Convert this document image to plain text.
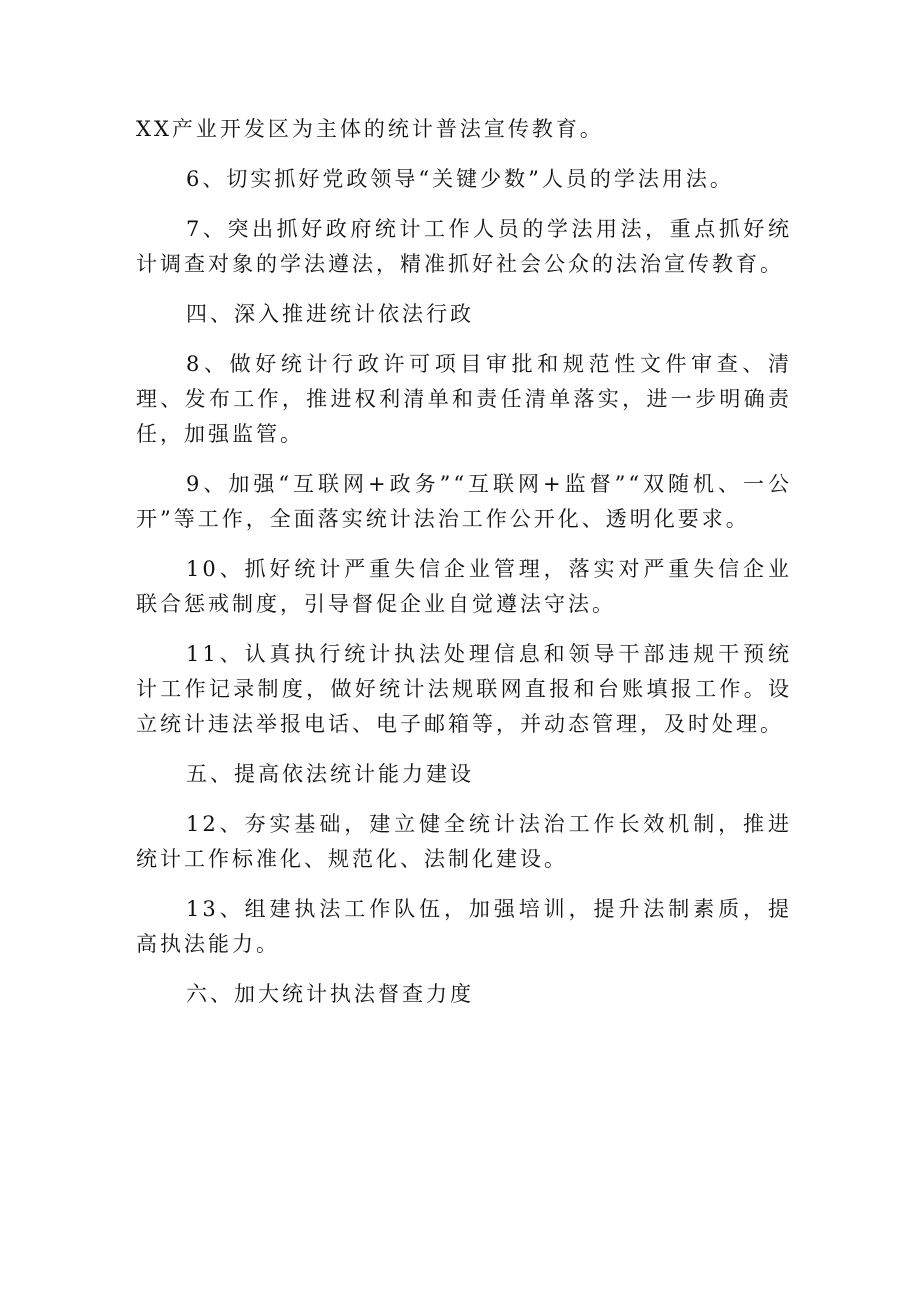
XX产业开发区为主体的统计普法宣传教育。

6、切实抓好党政领导“关键少数”人员的学法用法。

7、突出抓好政府统计工作人员的学法用法，重点抓好统计调查对象的学法遵法，精准抓好社会公众的法治宣传教育。

四、深入推进统计依法行政

8、做好统计行政许可项目审批和规范性文件审查、清理、发布工作，推进权利清单和责任清单落实，进一步明确责任，加强监管。

9、加强“互联网+政务”“互联网+监督”“双随机、一公开”等工作，全面落实统计法治工作公开化、透明化要求。

10、抓好统计严重失信企业管理，落实对严重失信企业联合惩戒制度，引导督促企业自觉遵法守法。

11、认真执行统计执法处理信息和领导干部违规干预统计工作记录制度，做好统计法规联网直报和台账填报工作。设立统计违法举报电话、电子邮箱等，并动态管理，及时处理。

五、提高依法统计能力建设

12、夯实基础，建立健全统计法治工作长效机制，推进统计工作标准化、规范化、法制化建设。

13、组建执法工作队伍，加强培训，提升法制素质，提高执法能力。

六、加大统计执法督查力度
